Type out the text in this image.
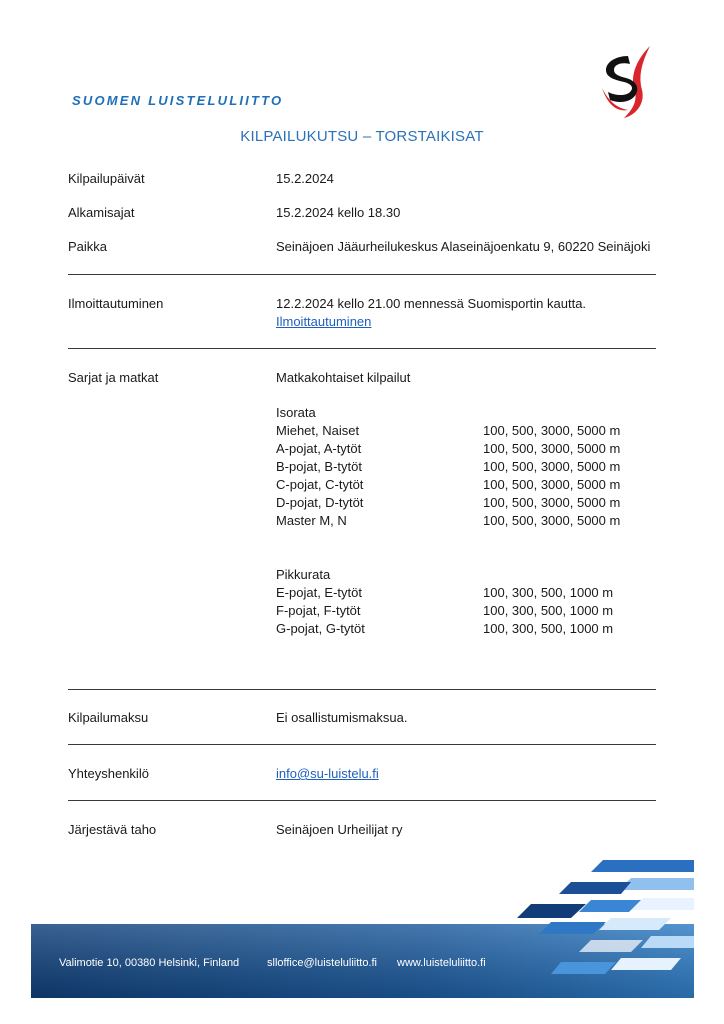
SUOMEN LUISTELULIITTO
KILPAILUKUTSU – TORSTAIKISAT
Kilpailupäivät	15.2.2024
Alkamisajat	15.2.2024 kello 18.30
Paikka	Seinäjoen Jääurheilukeskus Alaseinäjoenkatu 9, 60220 Seinäjoki
Ilmoittautuminen	12.2.2024 kello 21.00 mennessä Suomisportin kautta.
Ilmoittautuminen
Sarjat ja matkat	Matkakohtaiset kilpailut
Isorata
Miehet, Naiset	100, 500, 3000, 5000 m
A-pojat, A-tytöt	100, 500, 3000, 5000 m
B-pojat, B-tytöt	100, 500, 3000, 5000 m
C-pojat, C-tytöt	100, 500, 3000, 5000 m
D-pojat, D-tytöt	100, 500, 3000, 5000 m
Master M, N	100, 500, 3000, 5000 m
Pikkurata
E-pojat, E-tytöt	100, 300, 500, 1000 m
F-pojat, F-tytöt	100, 300, 500, 1000 m
G-pojat, G-tytöt	100, 300, 500, 1000 m
Kilpailumaksu	Ei osallistumismaksua.
Yhteyshenkilö	info@su-luistelu.fi
Järjestävä taho	Seinäjoen Urheilijat ry
Valimotie 10, 00380 Helsinki, Finland	slloffice@luisteluliitto.fi www.luisteluliitto.fi
